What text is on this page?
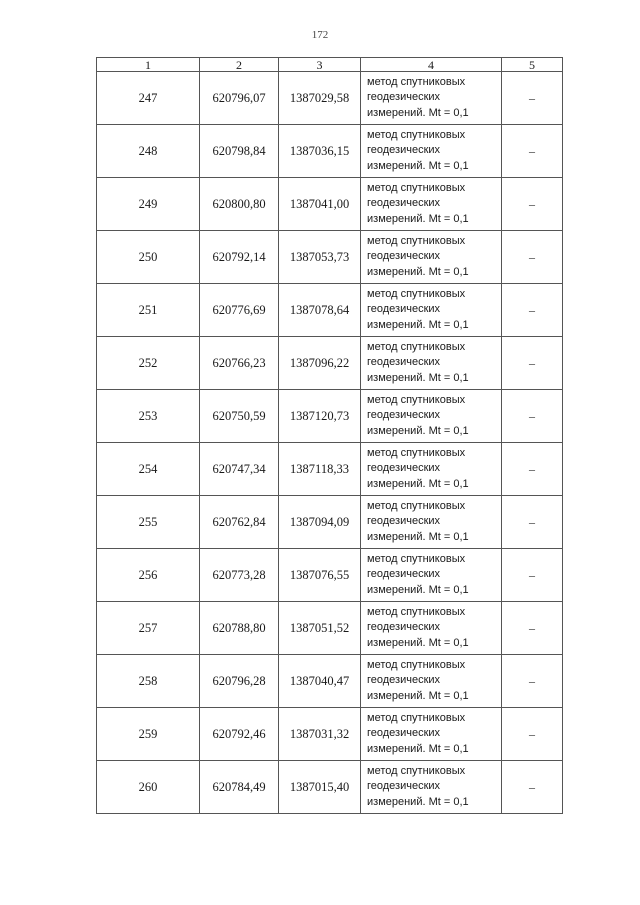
172
1	2	3	4	5
247	620796,07	1387029,58	метод спутниковых
геодезических
измерений. Mt = 0,1	–
248	620798,84	1387036,15	метод спутниковых
геодезических
измерений. Mt = 0,1	–
249	620800,80	1387041,00	метод спутниковых
геодезических
измерений. Mt = 0,1	–
250	620792,14	1387053,73	метод спутниковых
геодезических
измерений. Mt = 0,1	–
251	620776,69	1387078,64	метод спутниковых
геодезических
измерений. Mt = 0,1	–
252	620766,23	1387096,22	метод спутниковых
геодезических
измерений. Mt = 0,1	–
253	620750,59	1387120,73	метод спутниковых
геодезических
измерений. Mt = 0,1	–
254	620747,34	1387118,33	метод спутниковых
геодезических
измерений. Mt = 0,1	–
255	620762,84	1387094,09	метод спутниковых
геодезических
измерений. Mt = 0,1	–
256	620773,28	1387076,55	метод спутниковых
геодезических
измерений. Mt = 0,1	–
257	620788,80	1387051,52	метод спутниковых
геодезических
измерений. Mt = 0,1	–
258	620796,28	1387040,47	метод спутниковых
геодезических
измерений. Mt = 0,1	–
259	620792,46	1387031,32	метод спутниковых
геодезических
измерений. Mt = 0,1	–
260	620784,49	1387015,40	метод спутниковых
геодезических
измерений. Mt = 0,1	–
